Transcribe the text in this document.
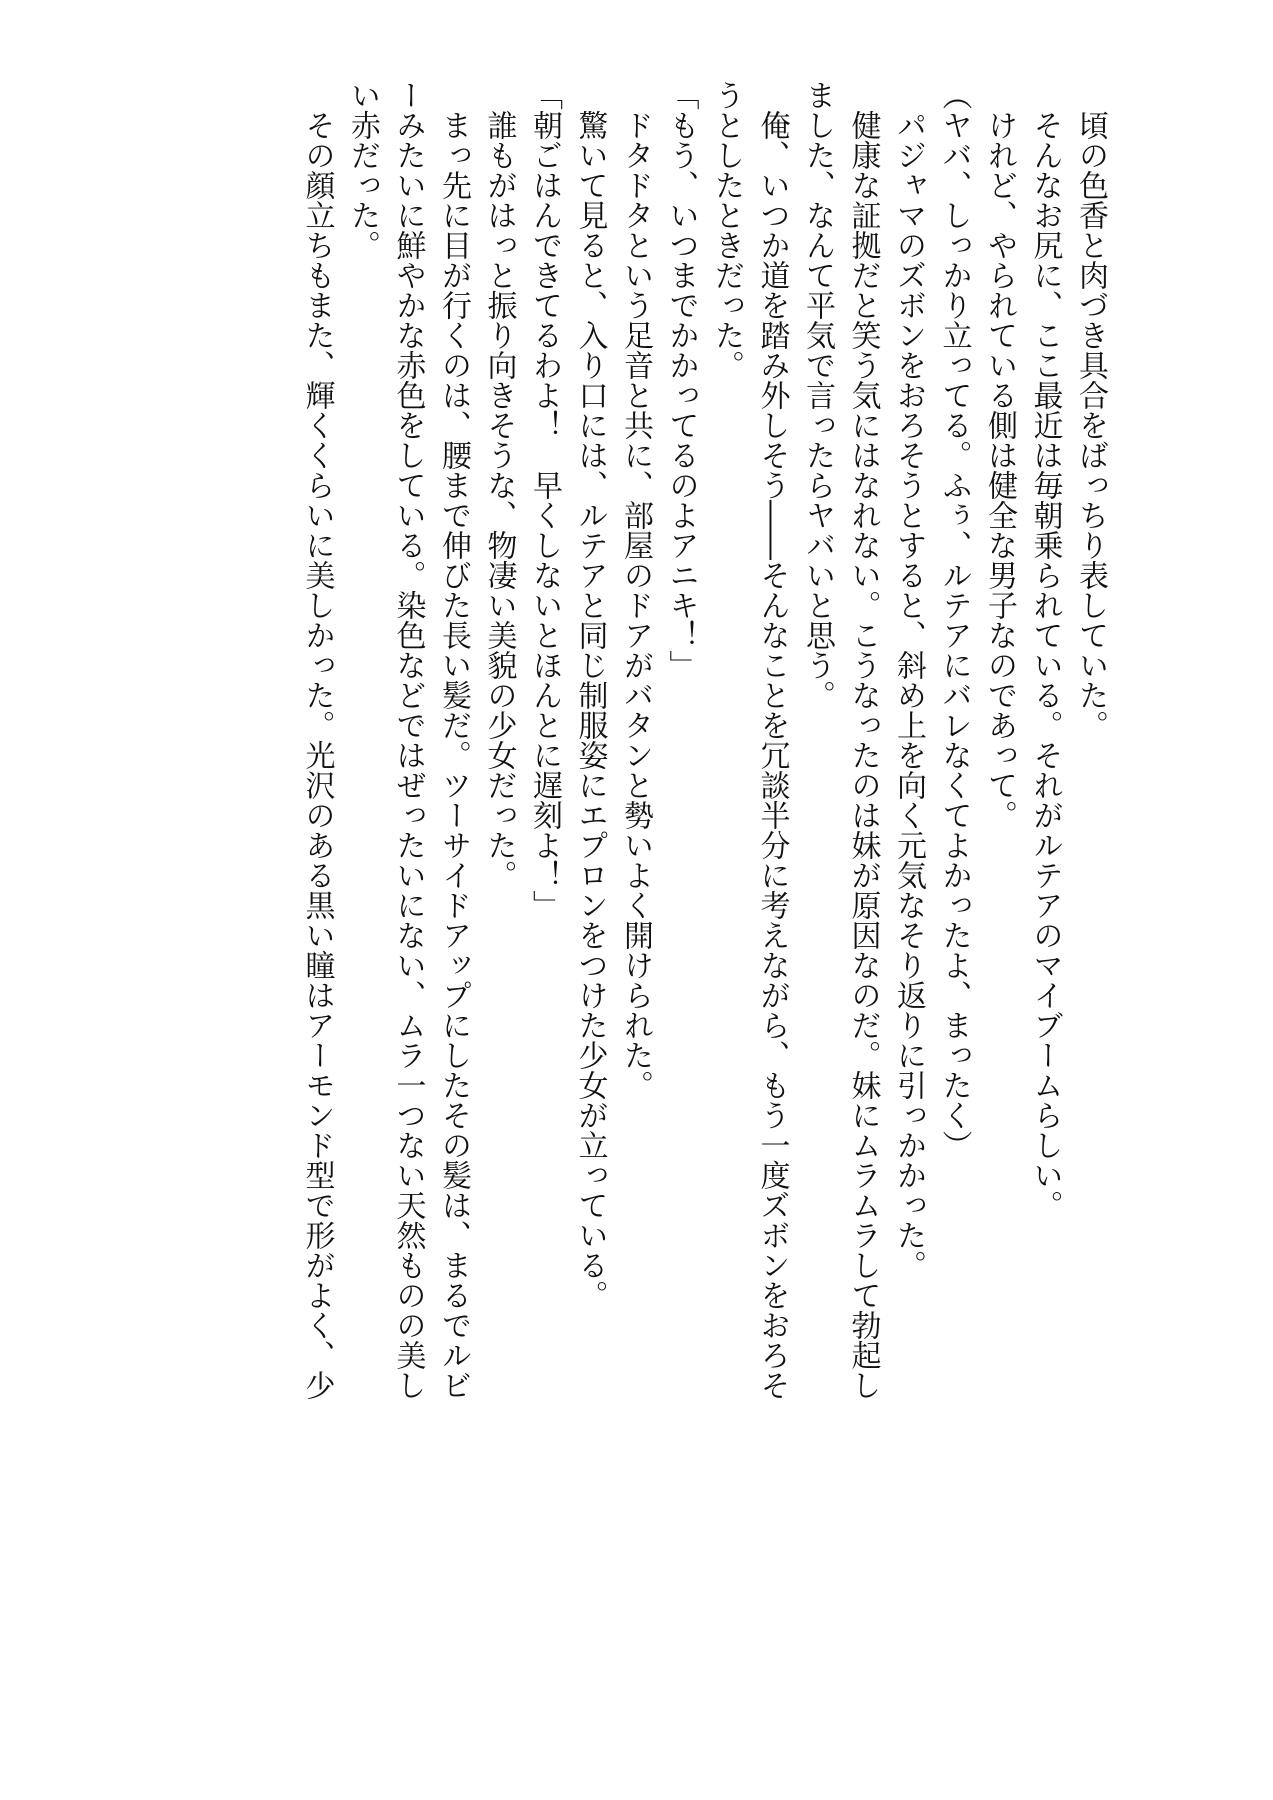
　頃の色香と肉づき具合をばっちり表していた。
　そんなお尻に、ここ最近は毎朝乗られている。それがルテアのマイブームらしい。
　けれど、やられている側は健全な男子なのであって。
（ヤバ、しっかり立ってる。ふぅ、ルテアにバレなくてよかったよ、まったく）
　パジャマのズボンをおろそうとすると、斜め上を向く元気なそり返りに引っかかった。
　健康な証拠だと笑う気にはなれない。こうなったのは妹が原因なのだ。妹にムラムラして勃起し
ました、なんて平気で言ったらヤバいと思う。
　俺、いつか道を踏み外しそう――そんなことを冗談半分に考えながら、もう一度ズボンをおろそ
うとしたときだった。
「もう、いつまでかかってるのよアニキ！」
　ドタドタという足音と共に、部屋のドアがバタンと勢いよく開けられた。
　驚いて見ると、入り口には、ルテアと同じ制服姿にエプロンをつけた少女が立っている。
「朝ごはんできてるわよ！　早くしないとほんとに遅刻よ！」
　誰もがはっと振り向きそうな、物凄い美貌の少女だった。
　まっ先に目が行くのは、腰まで伸びた長い髪だ。ツーサイドアップにしたその髪は、まるでルビ
ーみたいに鮮やかな赤色をしている。染色などではぜったいにない、ムラ一つない天然ものの美し
い赤だった。
　その顔立ちもまた、輝くくらいに美しかった。光沢のある黒い瞳はアーモンド型で形がよく、少
